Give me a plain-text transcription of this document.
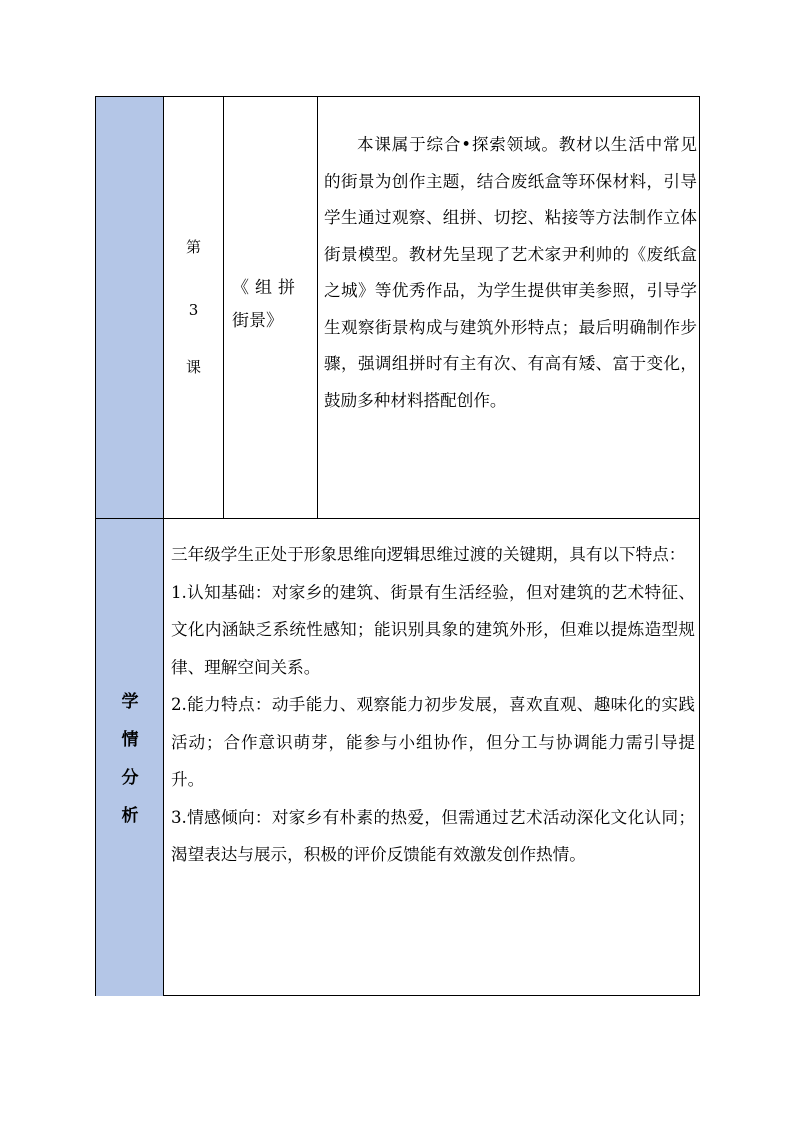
学
情
分
析
第
3
课
《组拼
街景》

本课属于综合•探索领域。教材以生活中常见的街景为创作主题，结合废纸盒等环保材料，引导学生通过观察、组拼、切挖、粘接等方法制作立体街景模型。教材先呈现了艺术家尹利帅的《废纸盒之城》等优秀作品，为学生提供审美参照，引导学生观察街景构成与建筑外形特点；最后明确制作步骤，强调组拼时有主有次、有高有矮、富于变化，鼓励多种材料搭配创作。

三年级学生正处于形象思维向逻辑思维过渡的关键期，具有以下特点：

1.认知基础：对家乡的建筑、街景有生活经验，但对建筑的艺术特征、文化内涵缺乏系统性感知；能识别具象的建筑外形，但难以提炼造型规律、理解空间关系。

2.能力特点：动手能力、观察能力初步发展，喜欢直观、趣味化的实践活动；合作意识萌芽，能参与小组协作，但分工与协调能力需引导提升。

3.情感倾向：对家乡有朴素的热爱，但需通过艺术活动深化文化认同；渴望表达与展示，积极的评价反馈能有效激发创作热情。
